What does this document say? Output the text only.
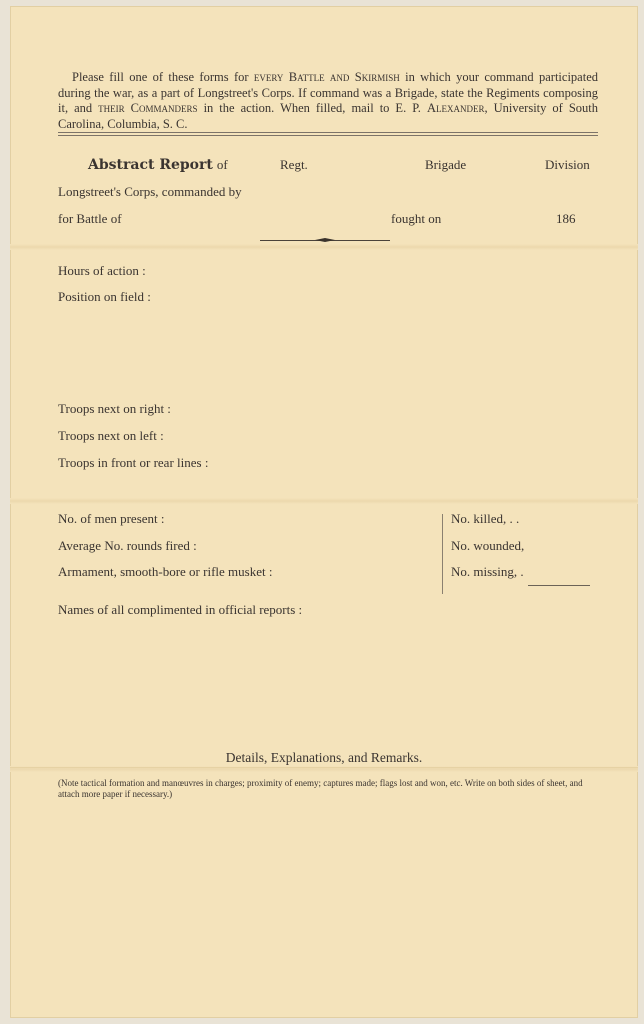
Please fill one of these forms for every Battle and Skirmish in which your command participated during the war, as a part of Longstreet's Corps. If command was a Brigade, state the Regiments composing it, and their Commanders in the action. When filled, mail to E. P. Alexander, University of South Carolina, Columbia, S. C.
Abstract Report of	Regt.	Brigade	Division
Longstreet's Corps, commanded by
for Battle of	fought on	186
Hours of action :
Position on field :
Troops next on right :
Troops next on left :
Troops in front or rear lines :
No. of men present :
Average No. rounds fired :
Armament, smooth-bore or rifle musket :
No. killed, . .
No. wounded,
No. missing, .
Names of all complimented in official reports :
Details, Explanations, and Remarks.
(Note tactical formation and manœuvres in charges; proximity of enemy; captures made; flags lost and won, etc. Write on both sides of sheet, and attach more paper if necessary.)
